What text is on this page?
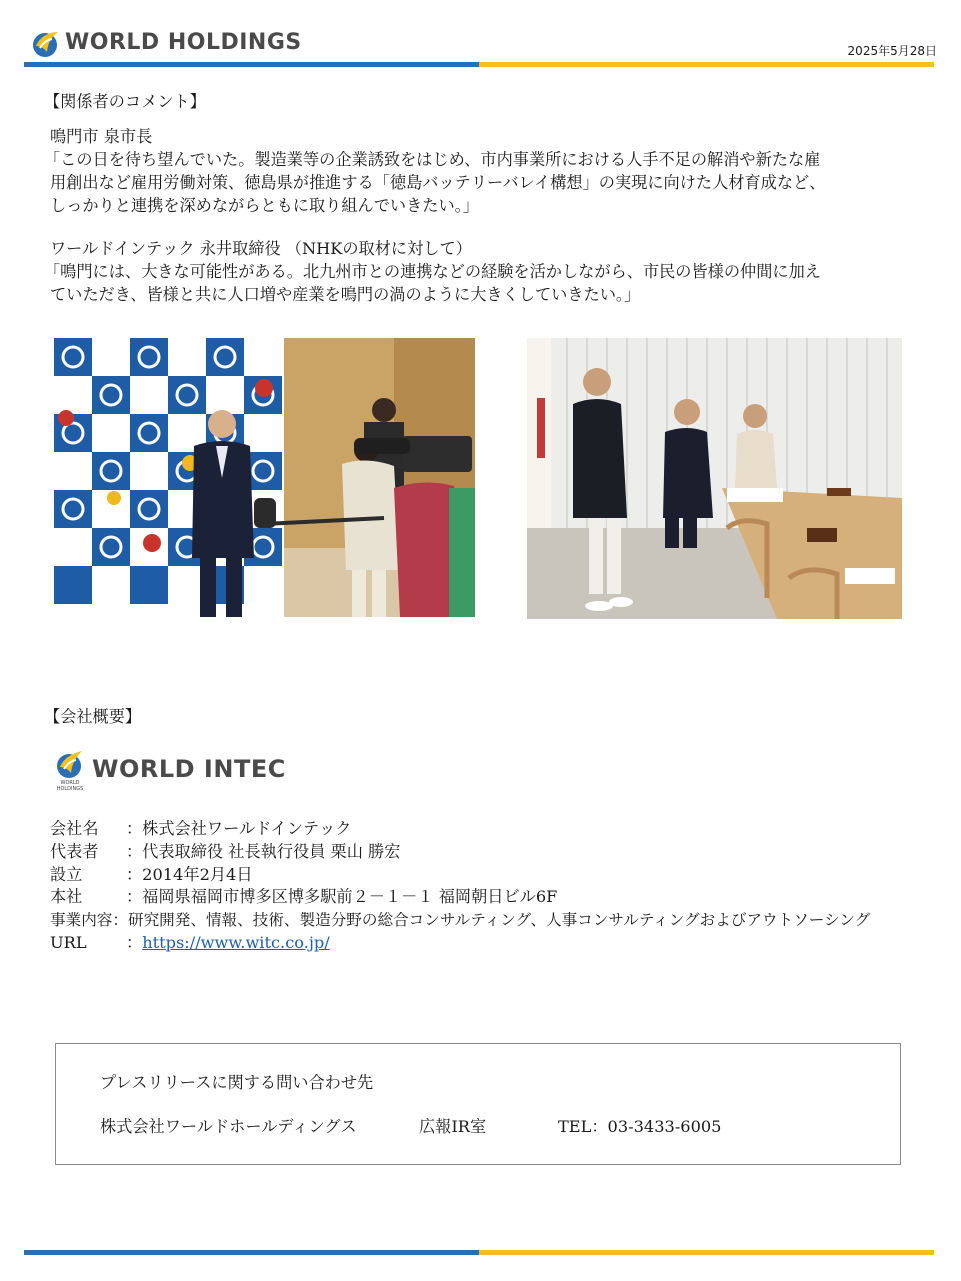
WORLD HOLDINGS	2025年5月28日
【関係者のコメント】
鳴門市 泉市長
「この日を待ち望んでいた。製造業等の企業誘致をはじめ、市内事業所における人手不足の解消や新たな雇
用創出など雇用労働対策、徳島県が推進する「徳島バッテリーバレイ構想」の実現に向けた人材育成など、
しっかりと連携を深めながらともに取り組んでいきたい。」
ワールドインテック 永井取締役 （NHKの取材に対して）
「鳴門には、大きな可能性がある。北九州市との連携などの経験を活かしながら、市民の皆様の仲間に加え
ていただき、皆様と共に人口増や産業を鳴門の渦のように大きくしていきたい。」
【会社概要】
WORLD
HOLDINGS
WORLD INTEC
会社名 ：株式会社ワールドインテック
代表者 ：代表取締役 社長執行役員 栗山 勝宏
設立	：2014年2月4日
本社	：福岡県福岡市博多区博多駅前２－１－１ 福岡朝日ビル6F
事業内容：研究開発、情報、技術、製造分野の総合コンサルティング、人事コンサルティングおよびアウトソーシング
URL ：https://www.witc.co.jp/
プレスリリースに関する問い合わせ先
株式会社ワールドホールディングス	広報IR室	TEL：03-3433-6005
